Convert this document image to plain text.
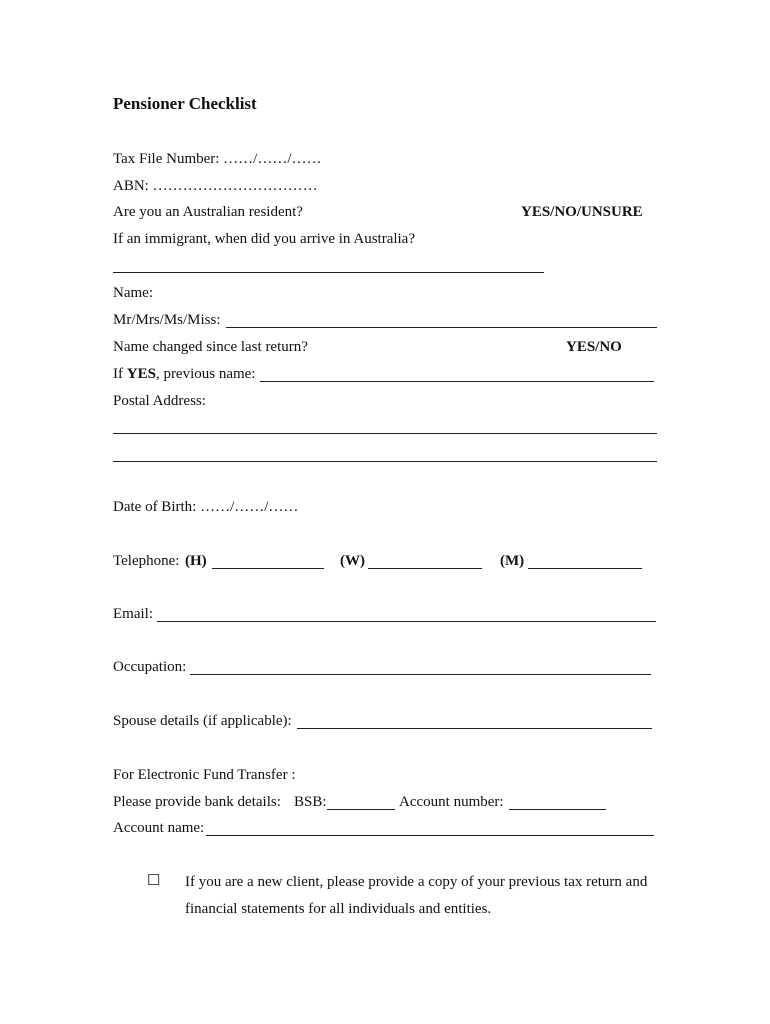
Pensioner Checklist
Tax File Number: ……/……/……
ABN: ……………………………
Are you an Australian resident?	YES/NO/UNSURE
If an immigrant, when did you arrive in Australia?
Name:
Mr/Mrs/Ms/Miss:
Name changed since last return?	YES/NO
If YES, previous name:
Postal Address:
Date of Birth: ……/……/……
Telephone: (H)	(W)	(M)
Email:
Occupation:
Spouse details (if applicable):
For Electronic Fund Transfer :
Please provide bank details: BSB:	Account number:
Account name:
☐ If you are a new client, please provide a copy of your previous tax return and
financial statements for all individuals and entities.
